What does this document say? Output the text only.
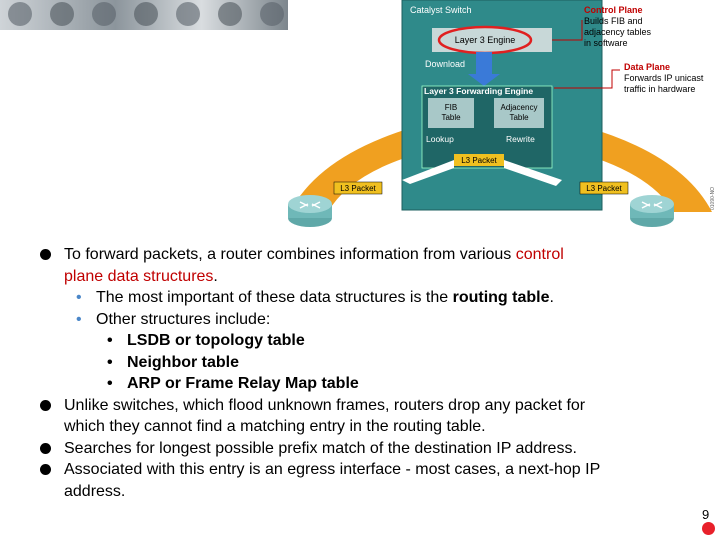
Catalyst Switch
Layer 3 Engine
Download
Layer 3 Forwarding Engine
FIB
Table
Adjacency
Table
Lookup	Rewrite
L3 Packet
L3 Packet	L3 Packet
Control Plane
Builds FIB and
adjacency tables
in software
Data Plane
Forwards IP unicast
traffic in hardware
01090-NO
To forward packets, a router combines information from various control
plane data structures.
• The most important of these data structures is the routing table.
• Other structures include:
• LSDB or topology table
• Neighbor table
• ARP or Frame Relay Map table
Unlike switches, which flood unknown frames, routers drop any packet for
which they cannot find a matching entry in the routing table.
Searches for longest possible prefix match of the destination IP address.
Associated with this entry is an egress interface - most cases, a next-hop IP
address.
9
